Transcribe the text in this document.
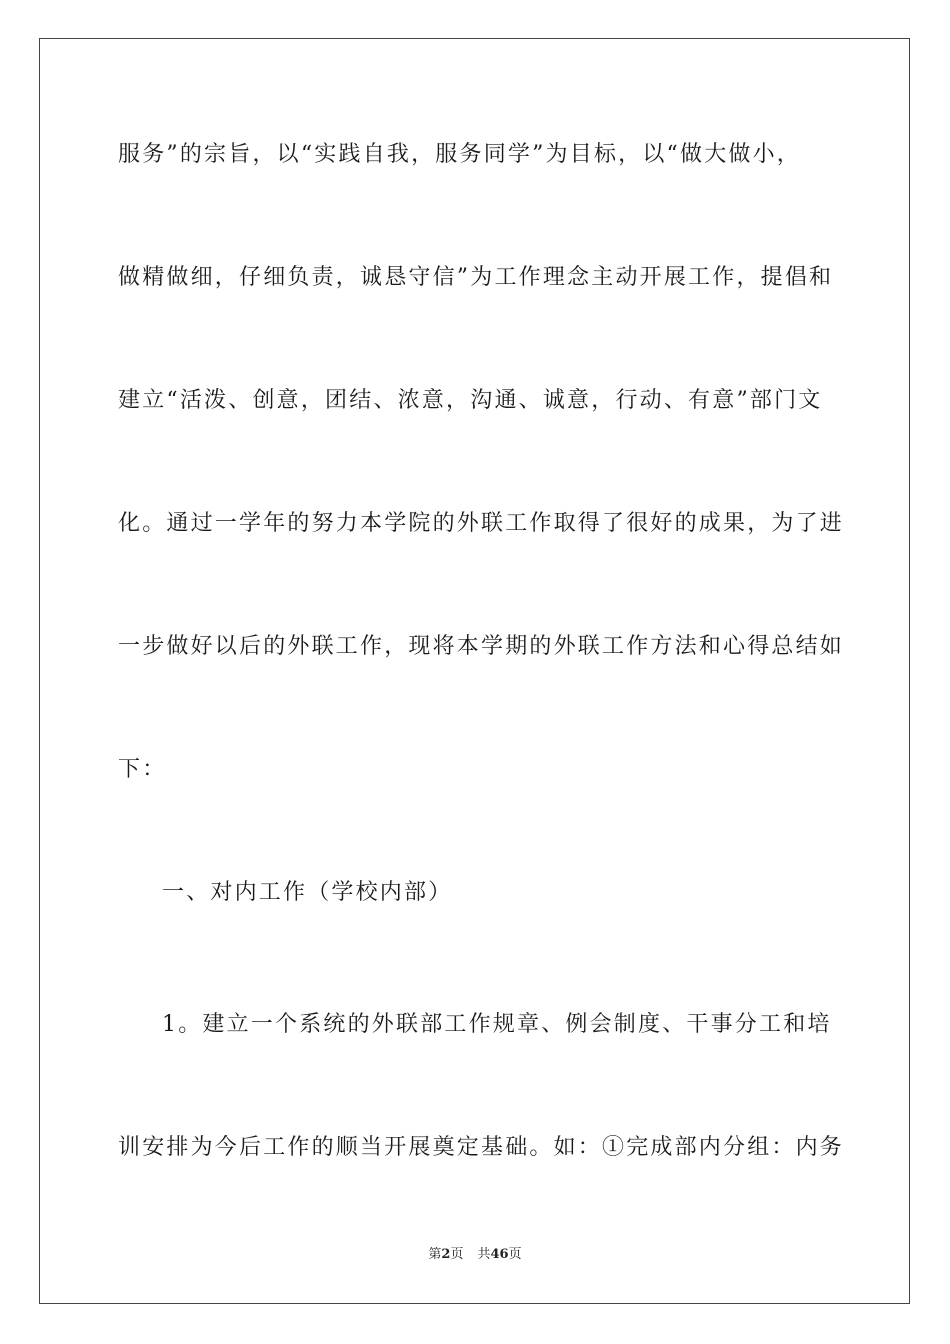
服务”的宗旨，以“实践自我，服务同学”为目标，以“做大做小，
做精做细，仔细负责，诚恳守信”为工作理念主动开展工作，提倡和
建立“活泼、创意，团结、浓意，沟通、诚意，行动、有意”部门文
化。通过一学年的努力本学院的外联工作取得了很好的成果，为了进
一步做好以后的外联工作，现将本学期的外联工作方法和心得总结如
下：
一、对内工作（学校内部）
1。建立一个系统的外联部工作规章、例会制度、干事分工和培
训安排为今后工作的顺当开展奠定基础。如：①完成部内分组：内务
第2页 共46页
